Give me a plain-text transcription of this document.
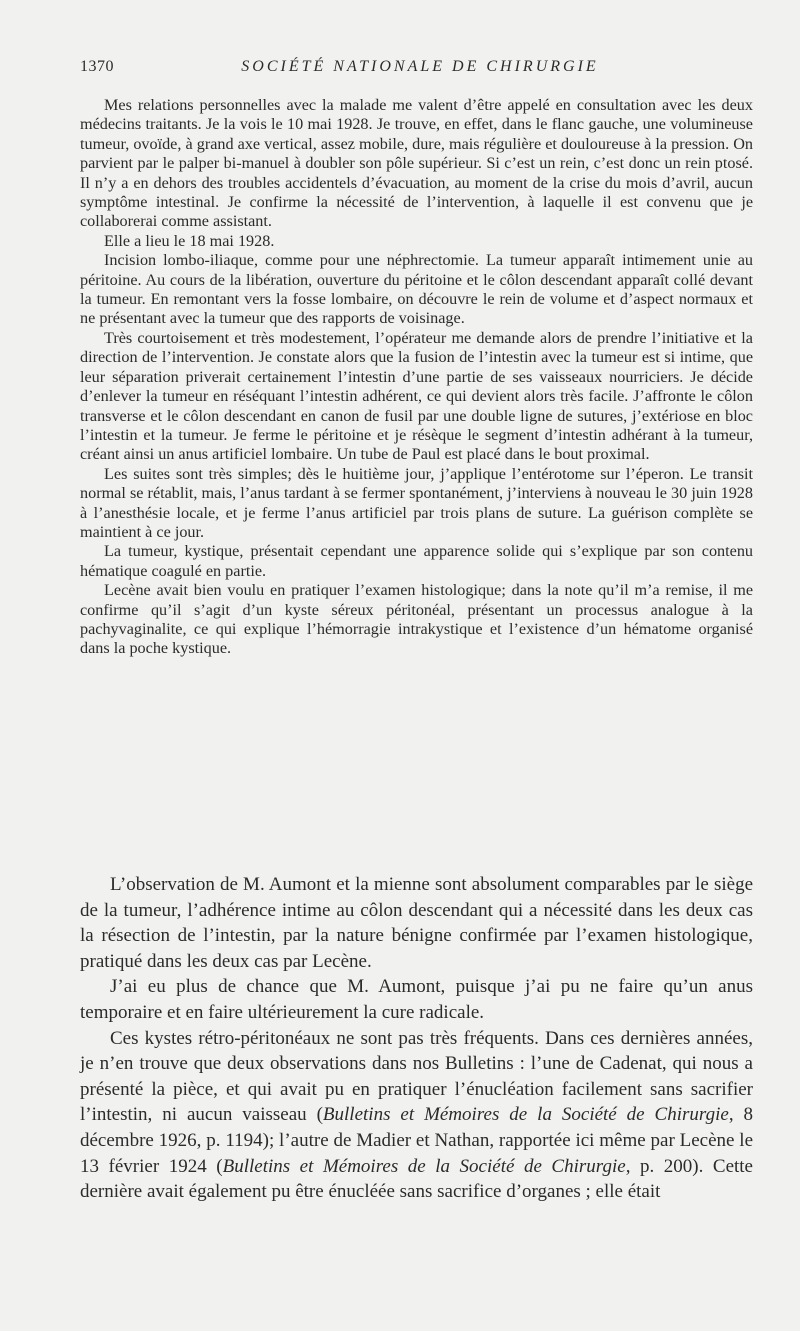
1370	SOCIÉTÉ NATIONALE DE CHIRURGIE

Mes relations personnelles avec la malade me valent d’être appelé en consultation avec les deux médecins traitants. Je la vois le 10 mai 1928. Je trouve, en effet, dans le flanc gauche, une volumineuse tumeur, ovoïde, à grand axe vertical, assez mobile, dure, mais régulière et douloureuse à la pression. On parvient par le palper bi-manuel à doubler son pôle supérieur. Si c’est un rein, c’est donc un rein ptosé. Il n’y a en dehors des troubles accidentels d’évacuation, au moment de la crise du mois d’avril, aucun symptôme intestinal. Je confirme la nécessité de l’intervention, à laquelle il est convenu que je collaborerai comme assistant.

Elle a lieu le 18 mai 1928.

Incision lombo-iliaque, comme pour une néphrectomie. La tumeur apparaît intimement unie au péritoine. Au cours de la libération, ouverture du péritoine et le côlon descendant apparaît collé devant la tumeur. En remontant vers la fosse lombaire, on découvre le rein de volume et d’aspect normaux et ne présentant avec la tumeur que des rapports de voisinage.

Très courtoisement et très modestement, l’opérateur me demande alors de prendre l’initiative et la direction de l’intervention. Je constate alors que la fusion de l’intestin avec la tumeur est si intime, que leur séparation priverait certainement l’intestin d’une partie de ses vaisseaux nourriciers. Je décide d’enlever la tumeur en réséquant l’intestin adhérent, ce qui devient alors très facile. J’affronte le côlon transverse et le côlon descendant en canon de fusil par une double ligne de sutures, j’extériose en bloc l’intestin et la tumeur. Je ferme le péritoine et je résèque le segment d’intestin adhérant à la tumeur, créant ainsi un anus artificiel lombaire. Un tube de Paul est placé dans le bout proximal.

Les suites sont très simples; dès le huitième jour, j’applique l’entérotome sur l’éperon. Le transit normal se rétablit, mais, l’anus tardant à se fermer spontanément, j’interviens à nouveau le 30 juin 1928 à l’anesthésie locale, et je ferme l’anus artificiel par trois plans de suture. La guérison complète se maintient à ce jour.

La tumeur, kystique, présentait cependant une apparence solide qui s’explique par son contenu hématique coagulé en partie.

Lecène avait bien voulu en pratiquer l’examen histologique; dans la note qu’il m’a remise, il me confirme qu’il s’agit d’un kyste séreux péritonéal, présentant un processus analogue à la pachyvaginalite, ce qui explique l’hémorragie intrakystique et l’existence d’un hématome organisé dans la poche kystique.

L’observation de M. Aumont et la mienne sont absolument comparables par le siège de la tumeur, l’adhérence intime au côlon descendant qui a nécessité dans les deux cas la résection de l’intestin, par la nature bénigne confirmée par l’examen histologique, pratiqué dans les deux cas par Lecène.

J’ai eu plus de chance que M. Aumont, puisque j’ai pu ne faire qu’un anus temporaire et en faire ultérieurement la cure radicale.

Ces kystes rétro-péritonéaux ne sont pas très fréquents. Dans ces dernières années, je n’en trouve que deux observations dans nos Bulletins : l’une de Cadenat, qui nous a présenté la pièce, et qui avait pu en pratiquer l’énucléation facilement sans sacrifier l’intestin, ni aucun vaisseau (Bulletins et Mémoires de la Société de Chirurgie, 8 décembre 1926, p. 1194); l’autre de Madier et Nathan, rapportée ici même par Lecène le 13 février 1924 (Bulletins et Mémoires de la Société de Chirurgie, p. 200). Cette dernière avait également pu être énucléée sans sacrifice d’organes ; elle était
